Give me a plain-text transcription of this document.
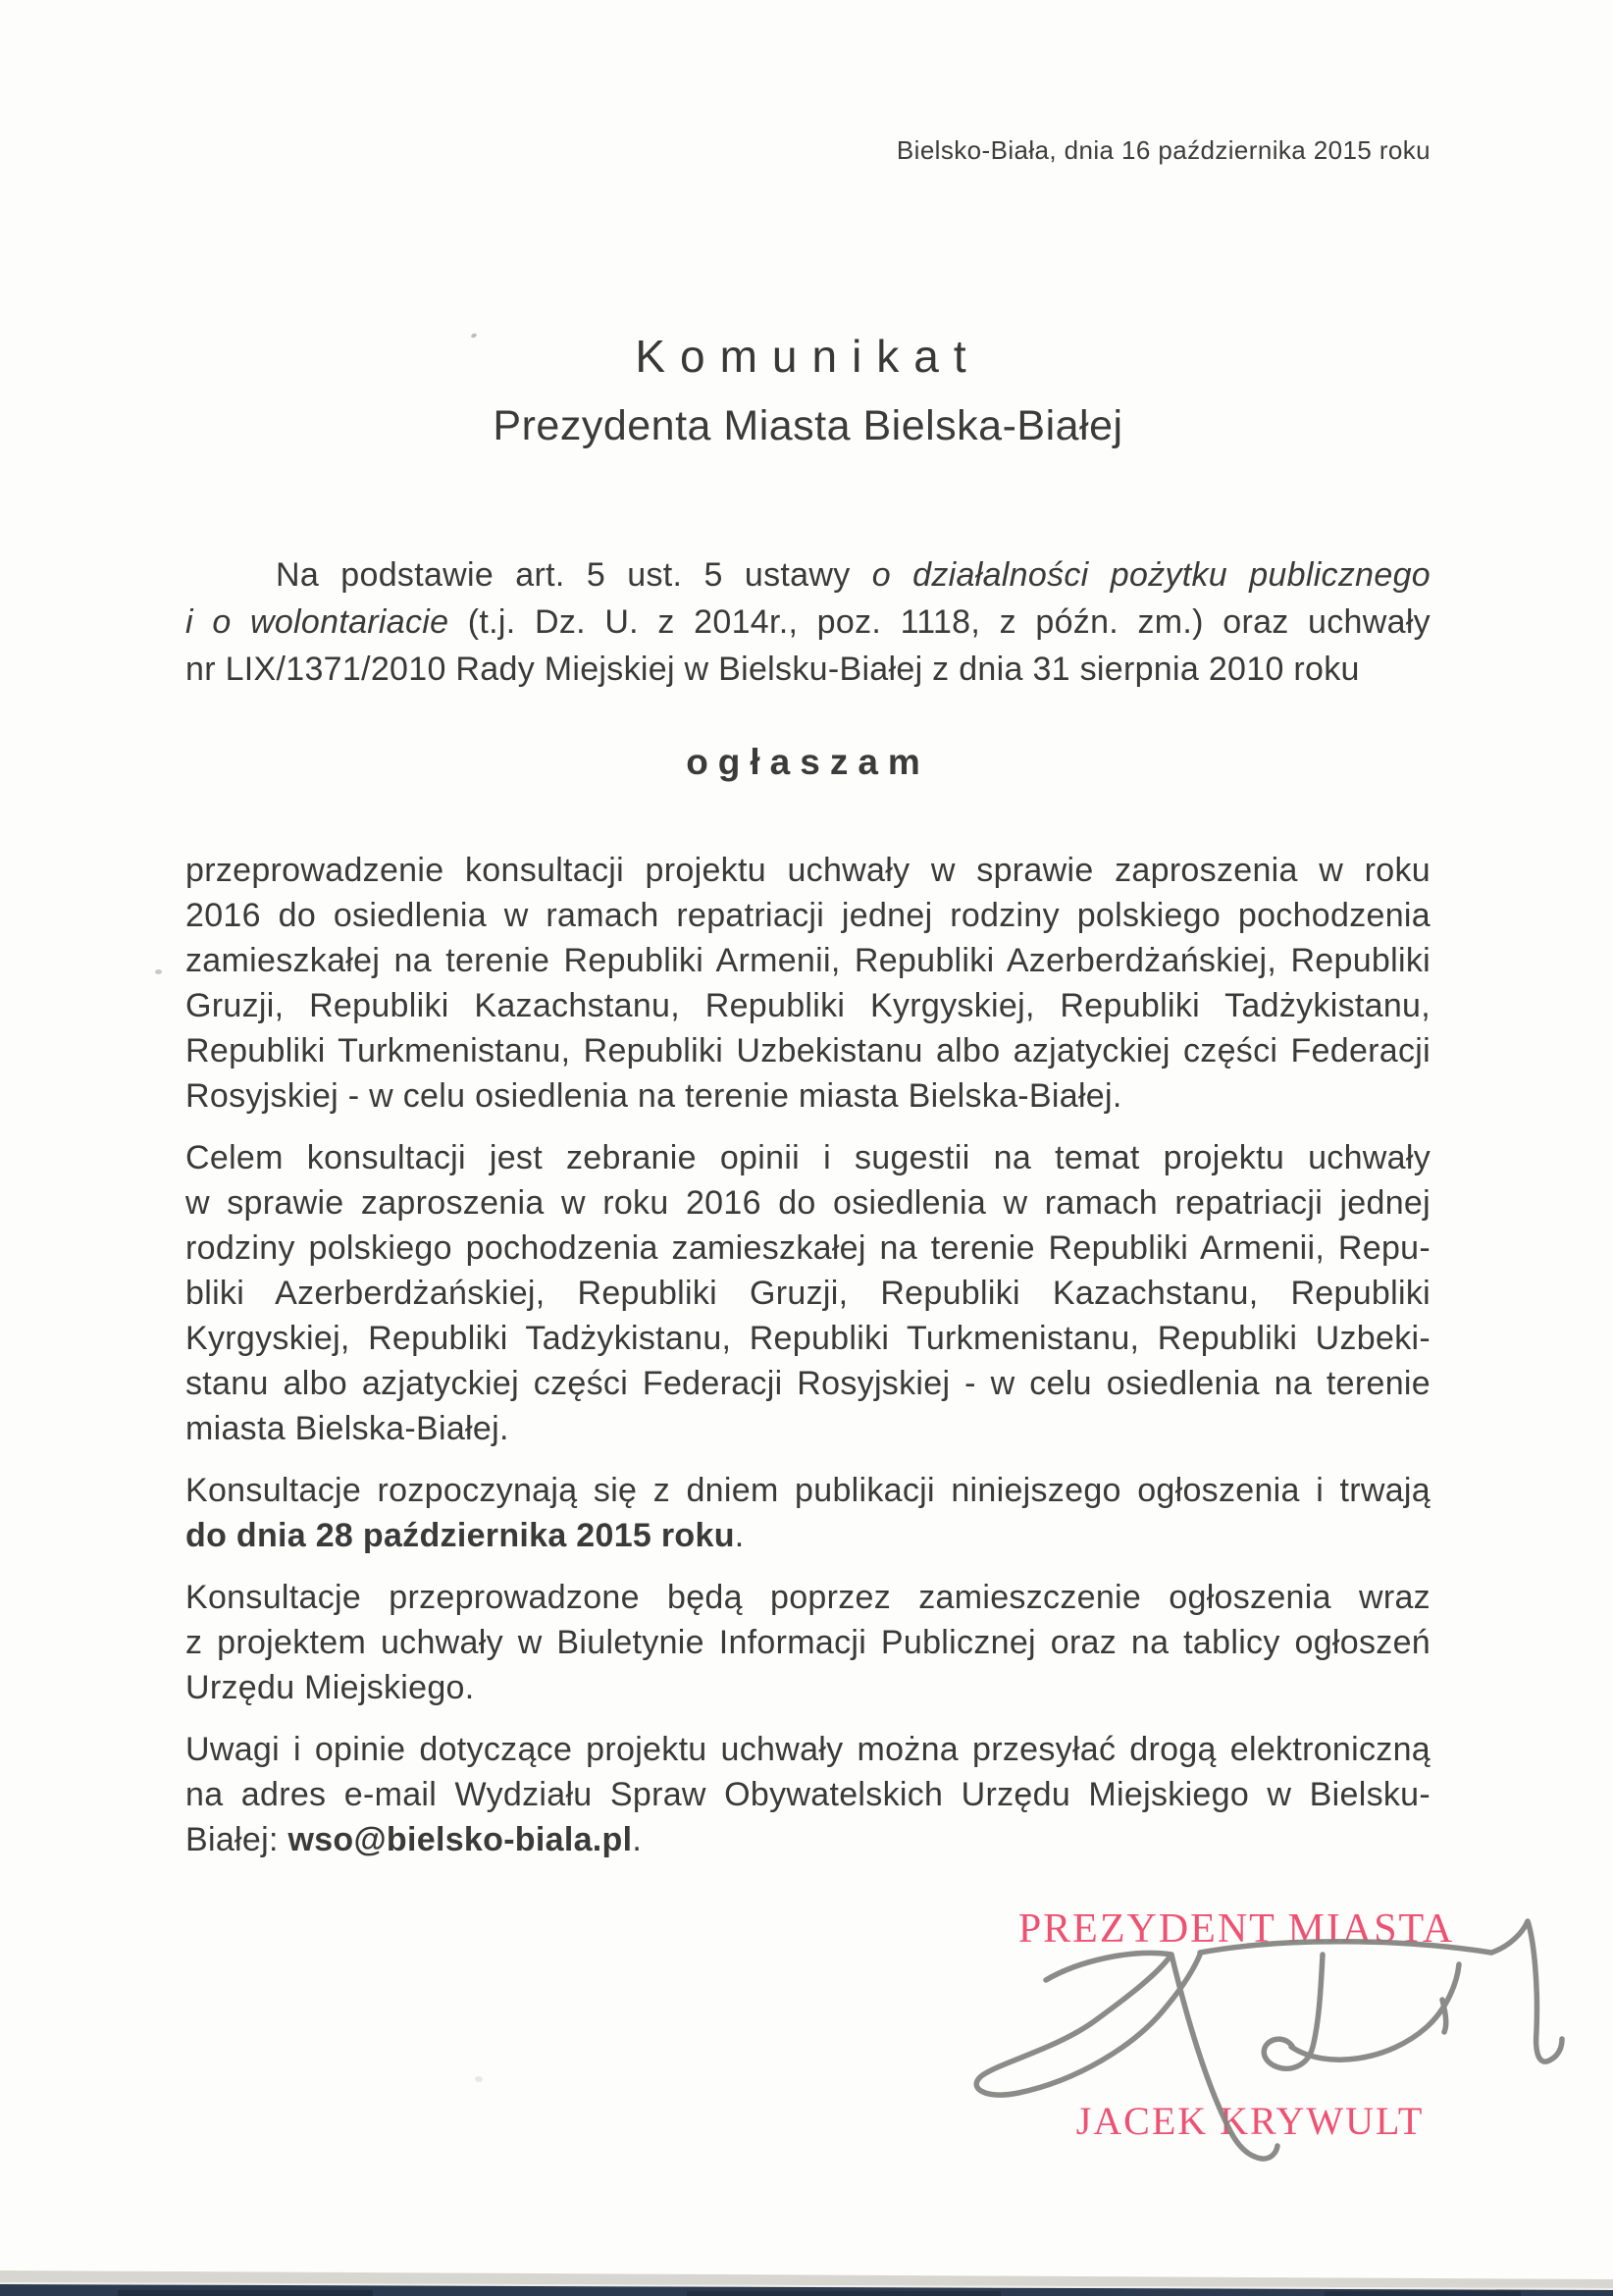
Bielsko-Biała, dnia 16 października 2015 roku
Komunikat
Prezydenta Miasta Bielska-Białej
Na podstawie art. 5 ust. 5 ustawy o działalności pożytku publicznego
i o wolontariacie (t.j. Dz. U. z 2014r., poz. 1118, z późn. zm.) oraz uchwały
nr LIX/1371/2010 Rady Miejskiej w Bielsku-Białej z dnia 31 sierpnia 2010 roku
ogłaszam
przeprowadzenie konsultacji projektu uchwały w sprawie zaproszenia w roku
2016 do osiedlenia w ramach repatriacji jednej rodziny polskiego pochodzenia
zamieszkałej na terenie Republiki Armenii, Republiki Azerberdżańskiej, Republiki
Gruzji, Republiki Kazachstanu, Republiki Kyrgyskiej, Republiki Tadżykistanu,
Republiki Turkmenistanu, Republiki Uzbekistanu albo azjatyckiej części Federacji
Rosyjskiej - w celu osiedlenia na terenie miasta Bielska-Białej.
Celem konsultacji jest zebranie opinii i sugestii na temat projektu uchwały
w sprawie zaproszenia w roku 2016 do osiedlenia w ramach repatriacji jednej
rodziny polskiego pochodzenia zamieszkałej na terenie Republiki Armenii, Repu-
bliki Azerberdżańskiej, Republiki Gruzji, Republiki Kazachstanu, Republiki
Kyrgyskiej, Republiki Tadżykistanu, Republiki Turkmenistanu, Republiki Uzbeki-
stanu albo azjatyckiej części Federacji Rosyjskiej - w celu osiedlenia na terenie
miasta Bielska-Białej.
Konsultacje rozpoczynają się z dniem publikacji niniejszego ogłoszenia i trwają
do dnia 28 października 2015 roku.
Konsultacje przeprowadzone będą poprzez zamieszczenie ogłoszenia wraz
z projektem uchwały w Biuletynie Informacji Publicznej oraz na tablicy ogłoszeń
Urzędu Miejskiego.
Uwagi i opinie dotyczące projektu uchwały można przesyłać drogą elektroniczną
na adres e-mail Wydziału Spraw Obywatelskich Urzędu Miejskiego w Bielsku-
Białej: wso@bielsko-biala.pl.
PREZYDENT MIASTA
JACEK KRYWULT
